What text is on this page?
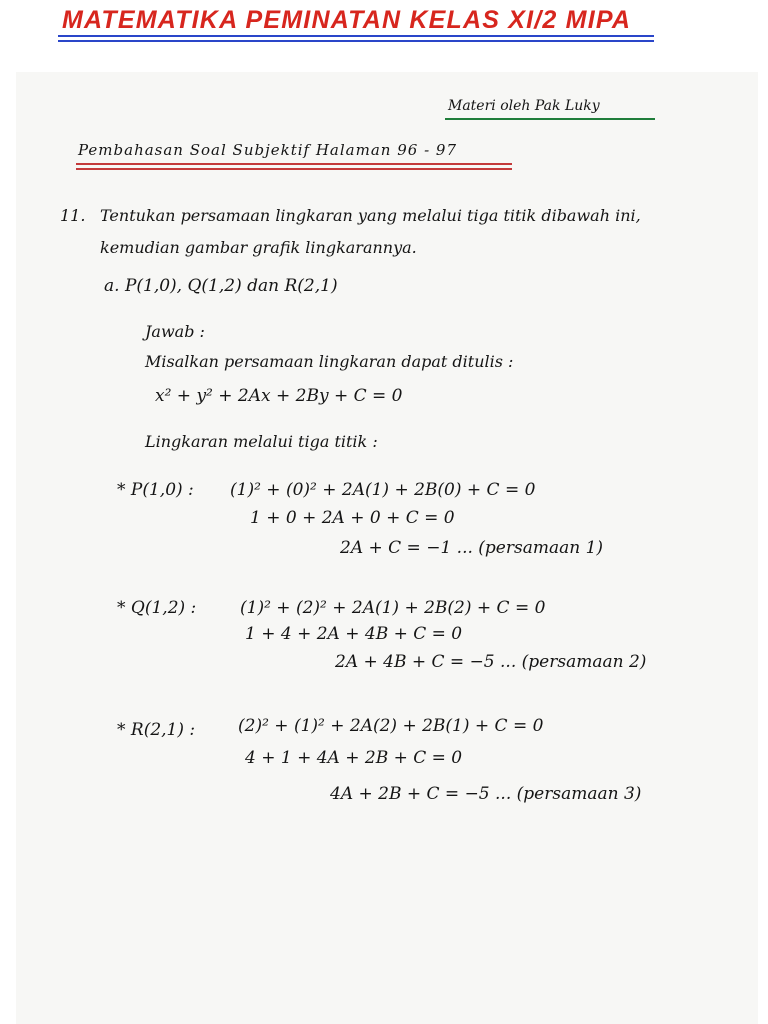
MATEMATIKA PEMINATAN KELAS XI/2 MIPA
Materi oleh Pak Luky
Pembahasan Soal Subjektif Halaman 96 - 97
11. Tentukan persamaan lingkaran yang melalui tiga titik dibawah ini,
kemudian gambar grafik lingkarannya.
a. P(1,0), Q(1,2) dan R(2,1)
Jawab :
Misalkan persamaan lingkaran dapat ditulis :
x² + y² + 2Ax + 2By + C = 0
Lingkaran melalui tiga titik :
* P(1,0) : (1)² + (0)² + 2A(1) + 2B(0) + C = 0
1 + 0 + 2A + 0 + C = 0
2A + C = −1 ... (persamaan 1)
* Q(1,2) :	(1)² + (2)² + 2A(1) + 2B(2) + C = 0
1 + 4 + 2A + 4B + C = 0
2A + 4B + C = −5 ... (persamaan 2)
* R(2,1) :	(2)² + (1)² + 2A(2) + 2B(1) + C = 0
4 + 1 + 4A + 2B + C = 0
4A + 2B + C = −5 ... (persamaan 3)
